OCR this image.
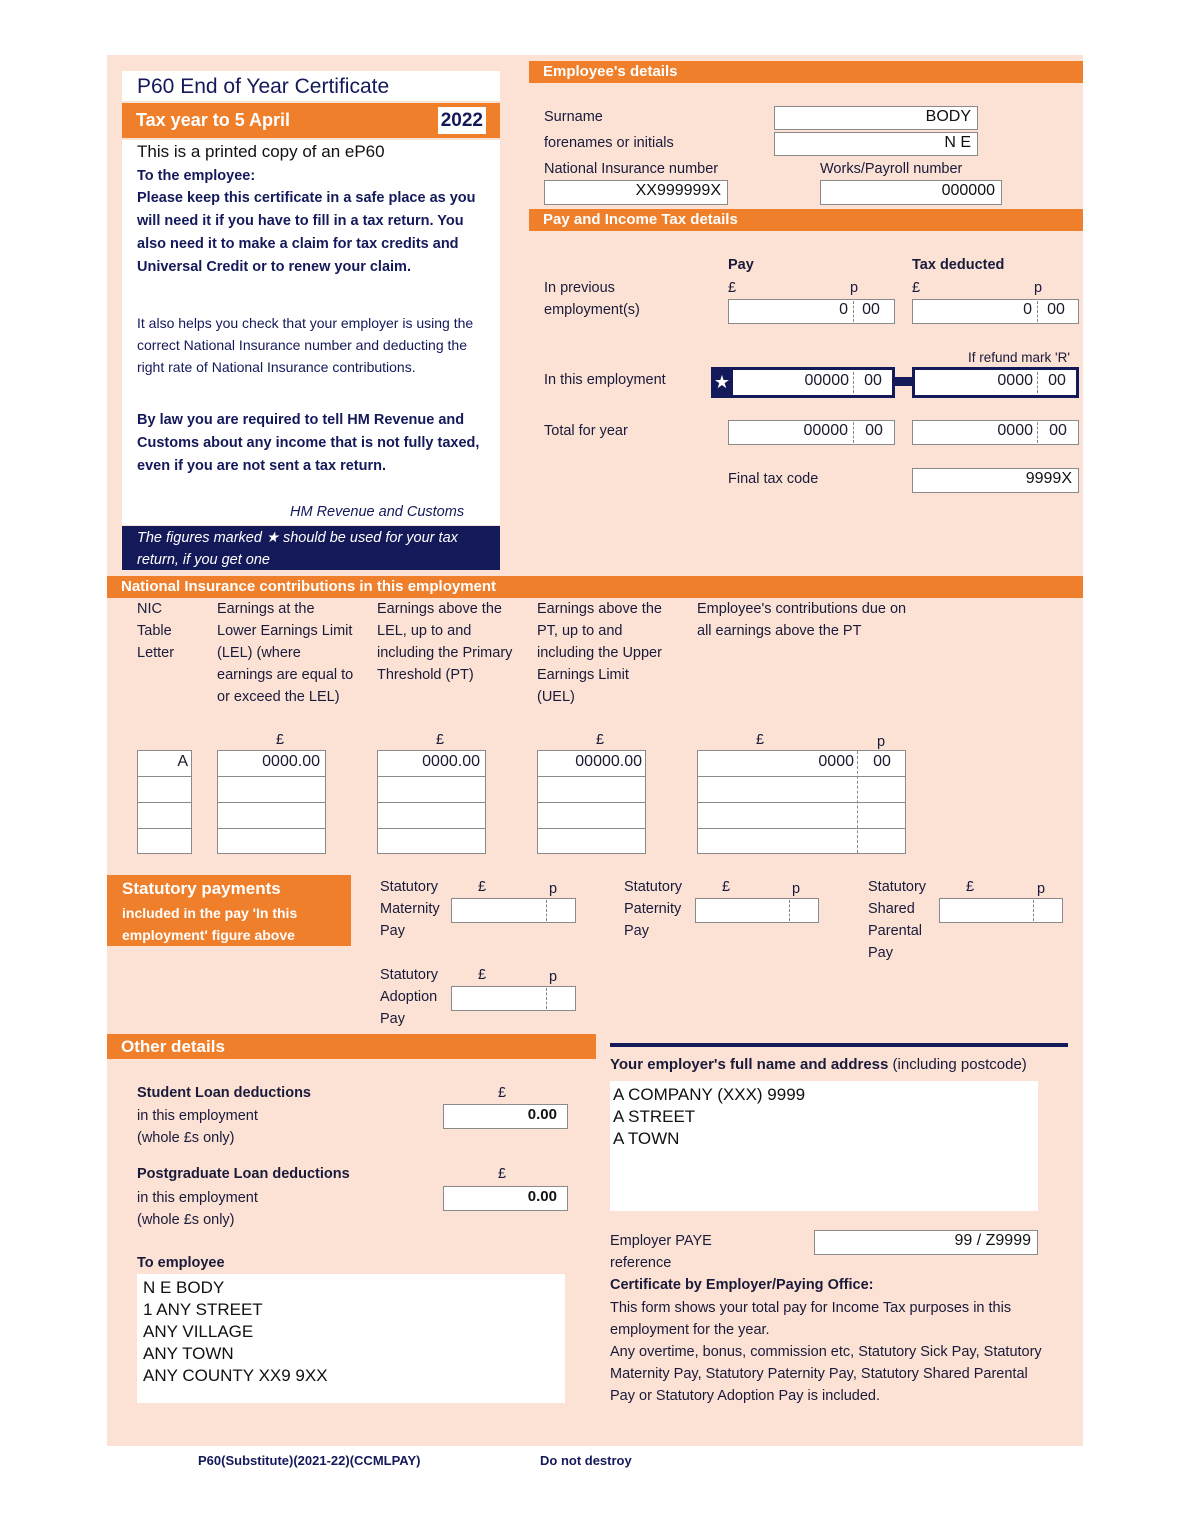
P60 End of Year Certificate
Tax year to 5 April	2022
This is a printed copy of an eP60
To the employee:
Please keep this certificate in a safe place as you will need it if you have to fill in a tax return. You also need it to make a claim for tax credits and Universal Credit or to renew your claim.
It also helps you check that your employer is using the correct National Insurance number and deducting the right rate of National Insurance contributions.
By law you are required to tell HM Revenue and Customs about any income that is not fully taxed, even if you are not sent a tax return.
HM Revenue and Customs
The figures marked ★ should be used for your tax return, if you get one
Employee's details
Surname	BODY
forenames or initials	N E
National Insurance number
XX999999X
Works/Payroll number
000000
Pay and Income Tax details
Pay	Tax deducted
£	p	£	p
In previous employment(s)	0 00	0 00
If refund mark 'R'
In this employment	★	00000 00	0000 00
Total for year	00000	00	0000	00
Final tax code	9999X
National Insurance contributions in this employment
NIC Table Letter
Earnings at the Lower Earnings Limit (LEL) (where earnings are equal to or exceed the LEL)
Earnings above the LEL, up to and including the Primary Threshold (PT)
Earnings above the PT, up to and including the Upper Earnings Limit (UEL)
Employee's contributions due on all earnings above the PT
£	£	£	£	p
A	0000.00	0000.00	00000.00	0000	00
Statutory payments
included in the pay 'In this employment' figure above
Statutory Maternity Pay
£	p	Statutory Paternity Pay
£	p	Statutory Shared Parental Pay
£	p
Statutory Adoption Pay
£	p
Other details
Student Loan deductions
in this employment
(whole £s only)
£
0.00
Postgraduate Loan deductions
in this employment
(whole £s only)
£
0.00
To employee
N E BODY
1 ANY STREET
ANY VILLAGE
ANY TOWN
ANY COUNTY XX9 9XX
Your employer's full name and address (including postcode)
A COMPANY (XXX) 9999
A STREET
A TOWN
Employer PAYE reference
99 / Z9999
Certificate by Employer/Paying Office:
This form shows your total pay for Income Tax purposes in this employment for the year.
Any overtime, bonus, commission etc, Statutory Sick Pay, Statutory Maternity Pay, Statutory Paternity Pay, Statutory Shared Parental Pay or Statutory Adoption Pay is included.
P60(Substitute)(2021-22)(CCMLPAY)	Do not destroy
